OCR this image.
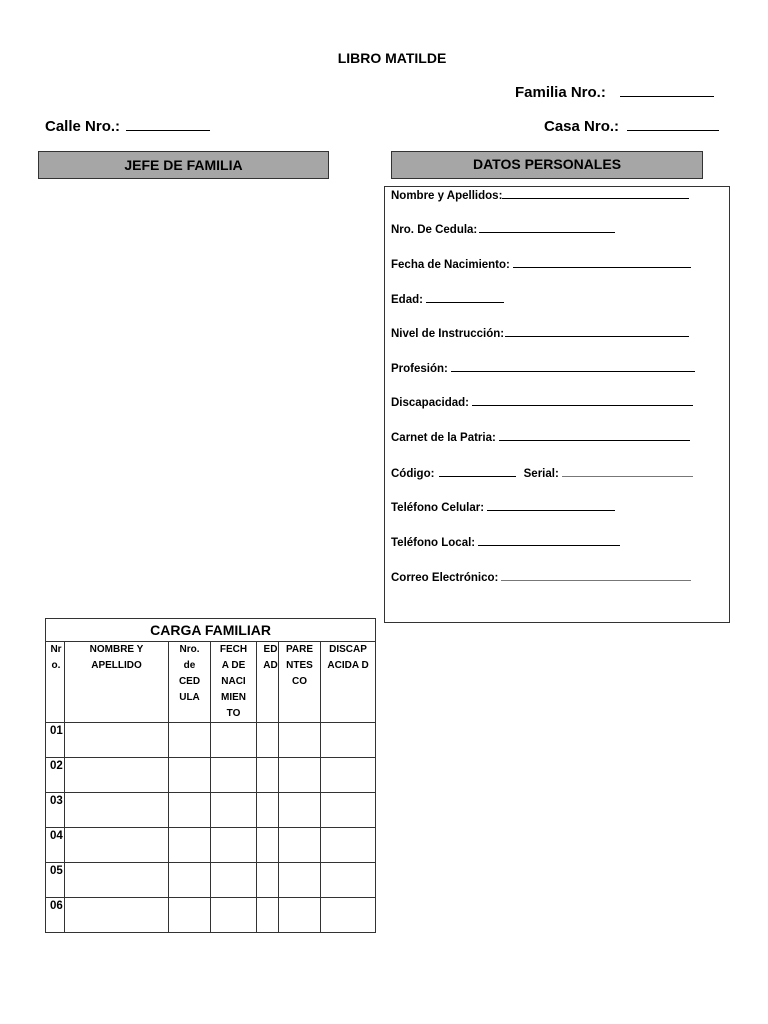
LIBRO MATILDE
Familia Nro.:
Calle Nro.:	Casa Nro.:
JEFE DE FAMILIA	DATOS PERSONALES
Nombre y Apellidos:
Nro. De Cedula:
Fecha de Nacimiento:
Edad:
Nivel de Instrucción:
Profesión:
Discapacidad:
Carnet de la Patria:
Código:	Serial:
Teléfono Celular:
Teléfono Local:
Correo Electrónico:
CARGA FAMILIAR						
Nro.	NOMBRE Y APELLIDO	Nro. de CED ULA	FECH A DE NACI MIEN TO	EDAD	PARE NTES CO	DISCAP ACIDA D
01						
02						
03						
04						
05						
06						
